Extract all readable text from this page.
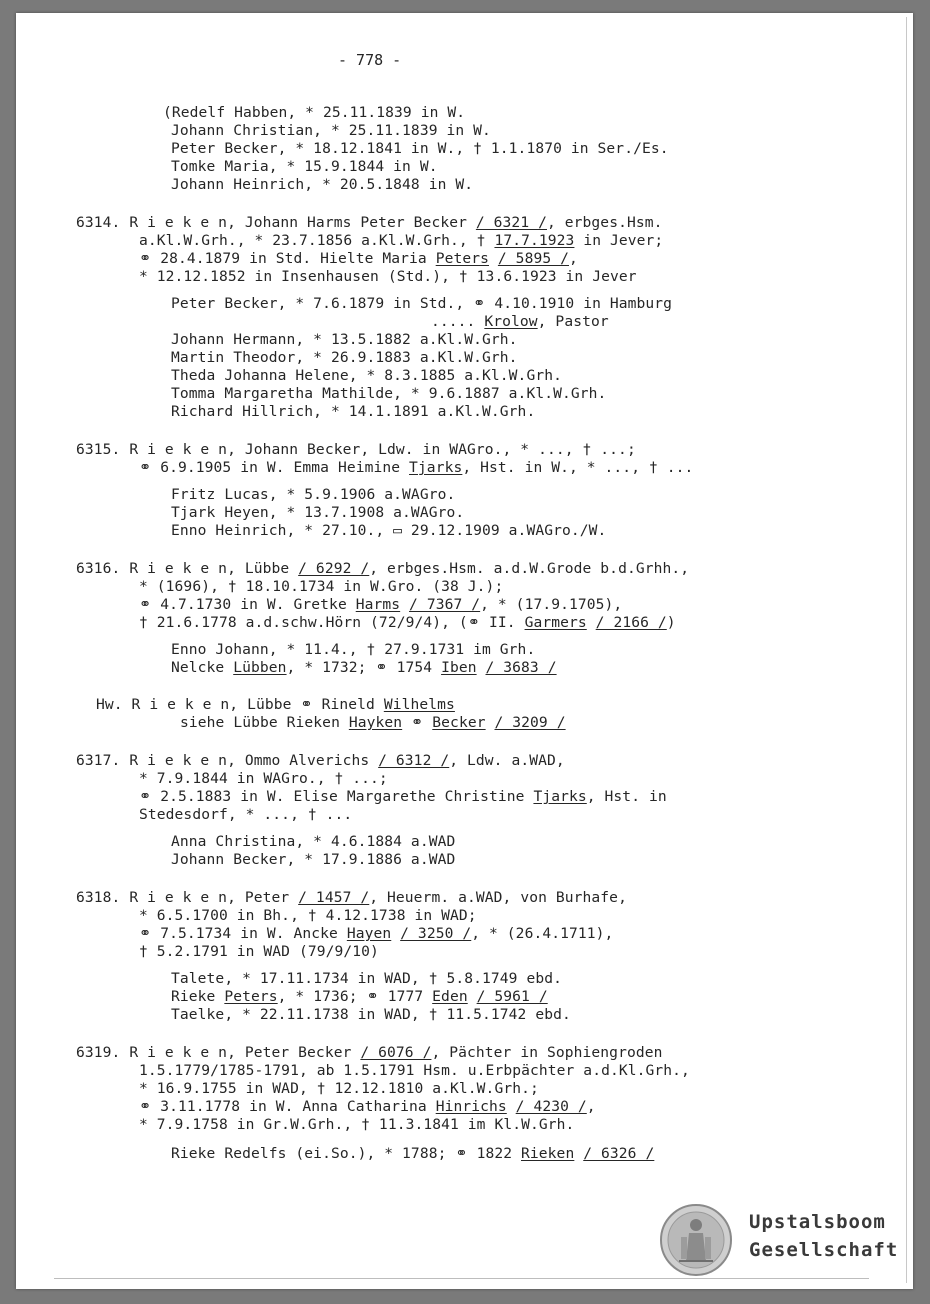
- 778 -
(Redelf Habben, * 25.11.1839 in W.
Johann Christian, * 25.11.1839 in W.
Peter Becker, * 18.12.1841 in W., † 1.1.1870 in Ser./Es.
Tomke Maria, * 15.9.1844 in W.
Johann Heinrich, * 20.5.1848 in W.
6314. R i e k e n, Johann Harms Peter Becker / 6321 /, erbges.Hsm.
a.Kl.W.Grh., * 23.7.1856 a.Kl.W.Grh., † 17.7.1923 in Jever;
⚭ 28.4.1879 in Std. Hielte Maria Peters / 5895 /,
* 12.12.1852 in Insenhausen (Std.), † 13.6.1923 in Jever
Peter Becker, * 7.6.1879 in Std., ⚭ 4.10.1910 in Hamburg
..... Krolow, Pastor
Johann Hermann, * 13.5.1882 a.Kl.W.Grh.
Martin Theodor, * 26.9.1883 a.Kl.W.Grh.
Theda Johanna Helene, * 8.3.1885 a.Kl.W.Grh.
Tomma Margaretha Mathilde, * 9.6.1887 a.Kl.W.Grh.
Richard Hillrich, * 14.1.1891 a.Kl.W.Grh.
6315. R i e k e n, Johann Becker, Ldw. in WAGro., * ..., † ...;
⚭ 6.9.1905 in W. Emma Heimine Tjarks, Hst. in W., * ..., † ...
Fritz Lucas, * 5.9.1906 a.WAGro.
Tjark Heyen, * 13.7.1908 a.WAGro.
Enno Heinrich, * 27.10., ▭ 29.12.1909 a.WAGro./W.
6316. R i e k e n, Lübbe / 6292 /, erbges.Hsm. a.d.W.Grode b.d.Grhh.,
* (1696), † 18.10.1734 in W.Gro. (38 J.);
⚭ 4.7.1730 in W. Gretke Harms / 7367 /, * (17.9.1705),
† 21.6.1778 a.d.schw.Hörn (72/9/4), (⚭ II. Garmers / 2166 /)
Enno Johann, * 11.4., † 27.9.1731 im Grh.
Nelcke Lübben, * 1732; ⚭ 1754 Iben / 3683 /
Hw. R i e k e n, Lübbe ⚭ Rineld Wilhelms
siehe Lübbe Rieken Hayken ⚭ Becker / 3209 /
6317. R i e k e n, Ommo Alverichs / 6312 /, Ldw. a.WAD,
* 7.9.1844 in WAGro., † ...;
⚭ 2.5.1883 in W. Elise Margarethe Christine Tjarks, Hst. in
Stedesdorf, * ..., † ...
Anna Christina, * 4.6.1884 a.WAD
Johann Becker, * 17.9.1886 a.WAD
6318. R i e k e n, Peter / 1457 /, Heuerm. a.WAD, von Burhafe,
* 6.5.1700 in Bh., † 4.12.1738 in WAD;
⚭ 7.5.1734 in W. Ancke Hayen / 3250 /, * (26.4.1711),
† 5.2.1791 in WAD (79/9/10)
Talete, * 17.11.1734 in WAD, † 5.8.1749 ebd.
Rieke Peters, * 1736; ⚭ 1777 Eden / 5961 /
Taelke, * 22.11.1738 in WAD, † 11.5.1742 ebd.
6319. R i e k e n, Peter Becker / 6076 /, Pächter in Sophiengroden
1.5.1779/1785-1791, ab 1.5.1791 Hsm. u.Erbpächter a.d.Kl.Grh.,
* 16.9.1755 in WAD, † 12.12.1810 a.Kl.W.Grh.;
⚭ 3.11.1778 in W. Anna Catharina Hinrichs / 4230 /,
* 7.9.1758 in Gr.W.Grh., † 11.3.1841 im Kl.W.Grh.
Rieke Redelfs (ei.So.), * 1788; ⚭ 1822 Rieken / 6326 /
Upstalsboom
Gesellschaft
